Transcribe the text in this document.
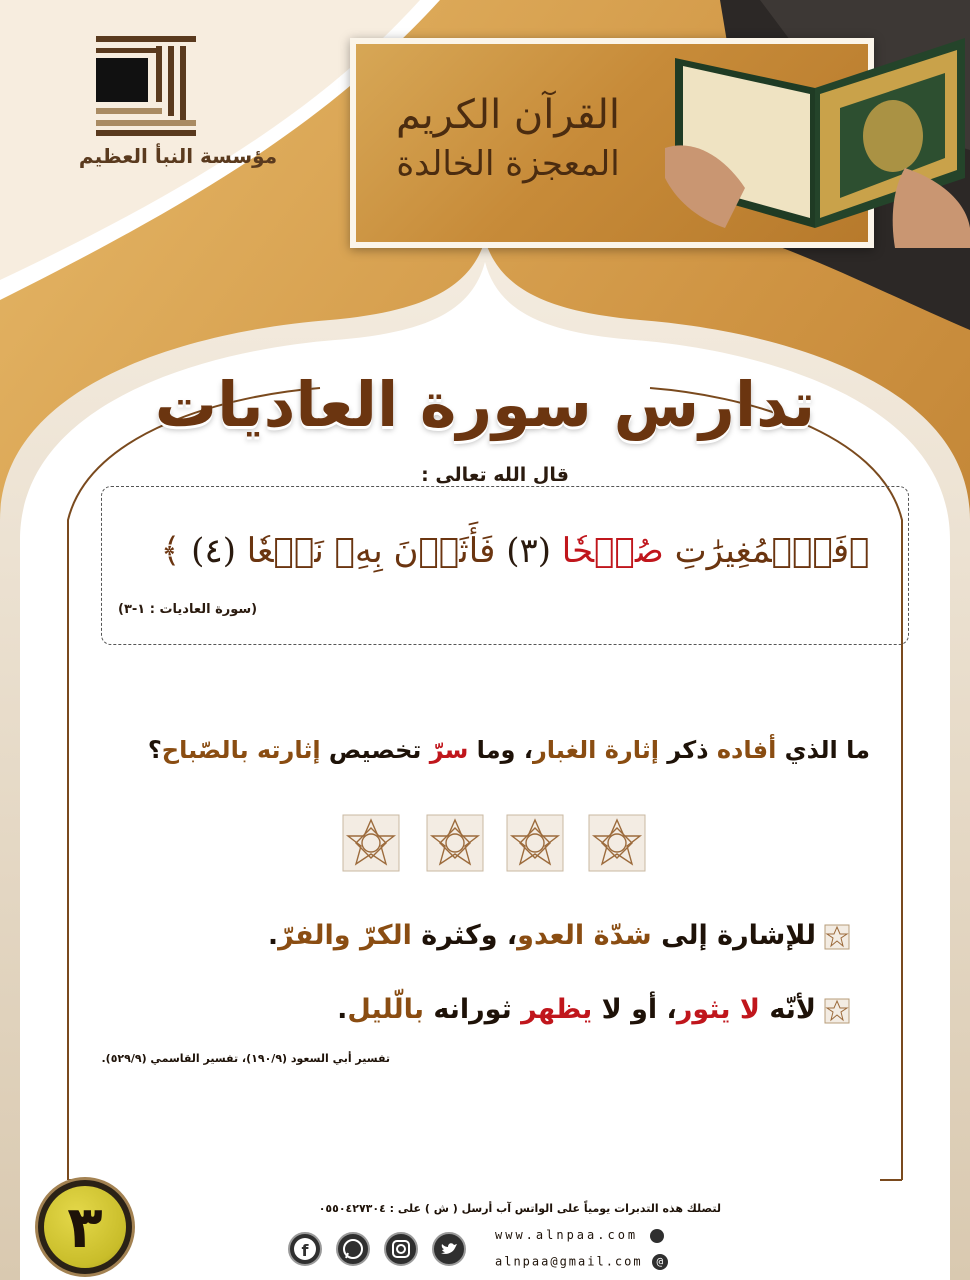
مؤسسة النبأ العظيم
القرآن الكريم
المعجزة الخالدة
تدارس سورة العاديات
قال الله تعالى :
﴿فَٱلۡمُغِيرَٰتِ صُبۡحٗا (٣) فَأَثَرۡنَ بِهِۦ نَقۡعٗا (٤) ﴾
(سورة العاديات : ١-٣)
ما الذي أفاده ذكر إثارة الغبار، وما سرّ تخصيص إثارته بالصّباح؟
للإشارة إلى شدّة العدو، وكثرة الكرّ والفرّ.
لأنّه لا يثور، أو لا يظهر ثورانه بالّليل.
تفسير أبي السعود (١٩٠/٩)، تفسير القاسمي (٥٢٩/٩).
٣	لتصلك هذه التدبرات يومياً على الواتس آب أرسل ( ش ) على : ٠٥٥٠٤٢٧٣٠٤
f
www.alnpaa.com
alnpaa@gmail.com @
